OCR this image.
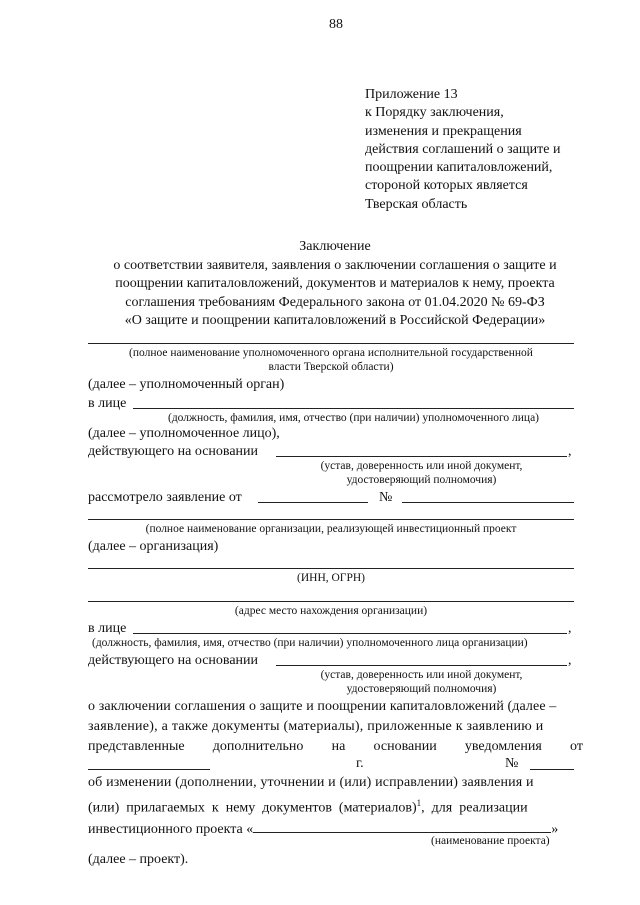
88
Приложение 13
к Порядку заключения,
изменения и прекращения
действия соглашений о защите и
поощрении капиталовложений,
стороной которых является
Тверская область
Заключение
о соответствии заявителя, заявления о заключении соглашения о защите и
поощрении капиталовложений, документов и материалов к нему, проекта
соглашения требованиям Федерального закона от 01.04.2020 № 69-ФЗ
«О защите и поощрении капиталовложений в Российской Федерации»
(полное наименование уполномоченного органа исполнительной государственной
власти Тверской области)
(далее – уполномоченный орган)
в лице
(должность, фамилия, имя, отчество (при наличии) уполномоченного лица)
(далее – уполномоченное лицо),
действующего на основании	,
(устав, доверенность или иной документ,
удостоверяющий полномочия)
рассмотрело заявление от	№
(полное наименование организации, реализующей инвестиционный проект
(далее – организация)
(ИНН, ОГРН)
(адрес место нахождения организации)
в лице	,
(должность, фамилия, имя, отчество (при наличии) уполномоченного лица организации)
действующего на основании	,
(устав, доверенность или иной документ,
удостоверяющий полномочия)
о заключении соглашения о защите и поощрении капиталовложений (далее –
заявление), а также документы (материалы), приложенные к заявлению и
представленные дополнительно на основании уведомления от
г.	№
об изменении (дополнении, уточнении и (или) исправлении) заявления и
(или)  прилагаемых  к  нему  документов  (материалов)$^1$,  для  реализации
инвестиционного проекта «	»
(наименование проекта)
(далее – проект).
